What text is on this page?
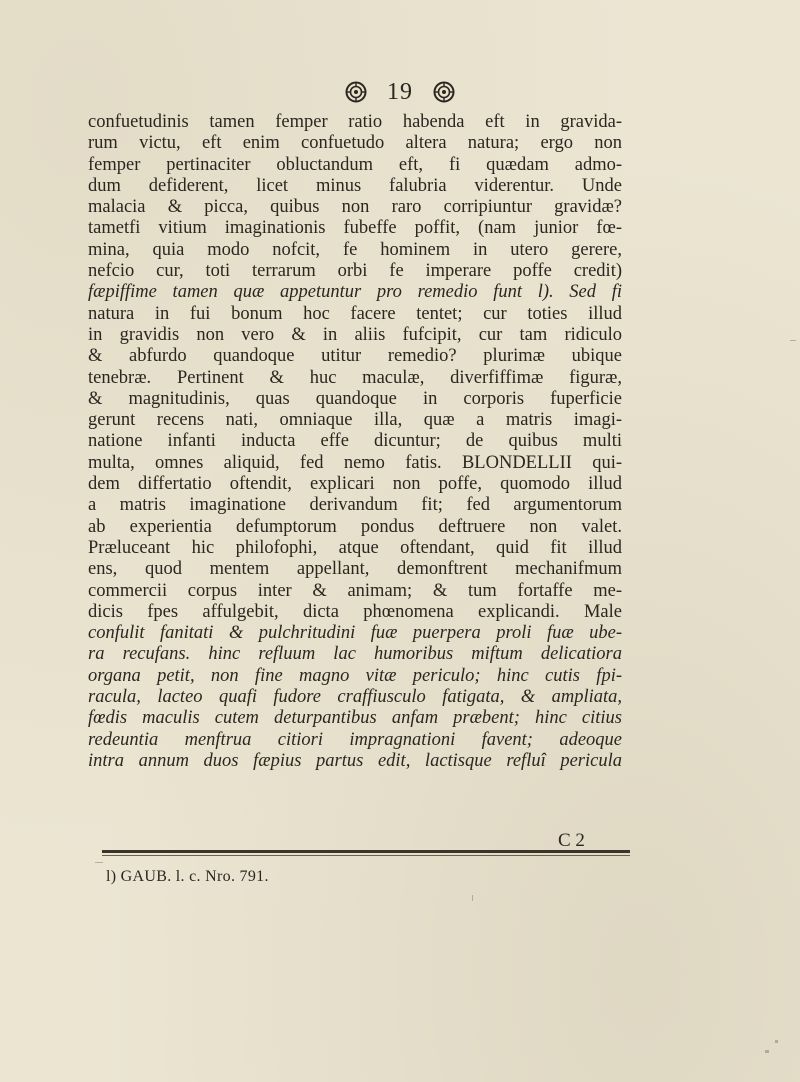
19
confuetudinis tamen femper ratio habenda eft in gravida-
rum victu, eft enim confuetudo altera natura; ergo non
femper pertinaciter obluctandum eft, fi quædam admo-
dum defiderent, licet minus falubria viderentur. Unde
malacia & picca, quibus non raro corripiuntur gravidæ?
tametfi vitium imaginationis fubeffe poffit, (nam junior fœ-
mina, quia modo nofcit, fe hominem in utero gerere,
nefcio cur, toti terrarum orbi fe imperare poffe credit)
fæpiffime tamen quæ appetuntur pro remedio funt l). Sed fi
natura in fui bonum hoc facere tentet; cur toties illud
in gravidis non vero & in aliis fufcipit, cur tam ridiculo
& abfurdo quandoque utitur remedio? plurimæ ubique
tenebræ. Pertinent & huc maculæ, diverfiffimæ figuræ,
& magnitudinis, quas quandoque in corporis fuperficie
gerunt recens nati, omniaque illa, quæ a matris imagi-
natione infanti inducta effe dicuntur; de quibus multi
multa, omnes aliquid, fed nemo fatis. BLONDELLII qui-
dem differtatio oftendit, explicari non poffe, quomodo illud
a matris imaginatione derivandum fit; fed argumentorum
ab experientia defumptorum pondus deftruere non valet.
Præluceant hic philofophi, atque oftendant, quid fit illud
ens, quod mentem appellant, demonftrent mechanifmum
commercii corpus inter & animam; & tum fortaffe me-
dicis fpes affulgebit, dicta phœnomena explicandi. Male
confulit fanitati & pulchritudini fuæ puerpera proli fuæ ube-
ra recufans. hinc refluum lac humoribus miftum delicatiora
organa petit, non fine magno vitæ periculo; hinc cutis fpi-
racula, lacteo quafi fudore craffiusculo fatigata, & ampliata,
fœdis maculis cutem deturpantibus anfam præbent; hinc citius
redeuntia menftrua citiori impragnationi favent; adeoque
intra annum duos fæpius partus edit, lactisque refluî pericula
C 2
l) GAUB. l. c. Nro. 791.
